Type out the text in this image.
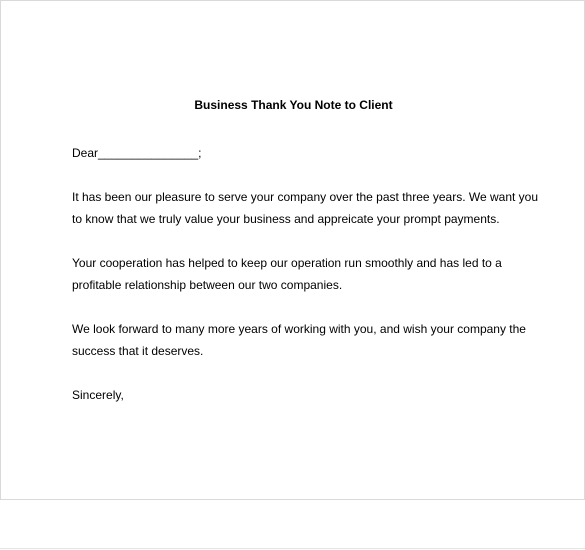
Business Thank You Note to Client

Dear_______________;

It has been our pleasure to serve your company over the past three years. We want you to know that we truly value your business and appreicate your prompt payments.

Your cooperation has helped to keep our operation run smoothly and has led to a profitable relationship between our two companies.

We look forward to many more years of working with you, and wish your company the success that it deserves.

Sincerely,
